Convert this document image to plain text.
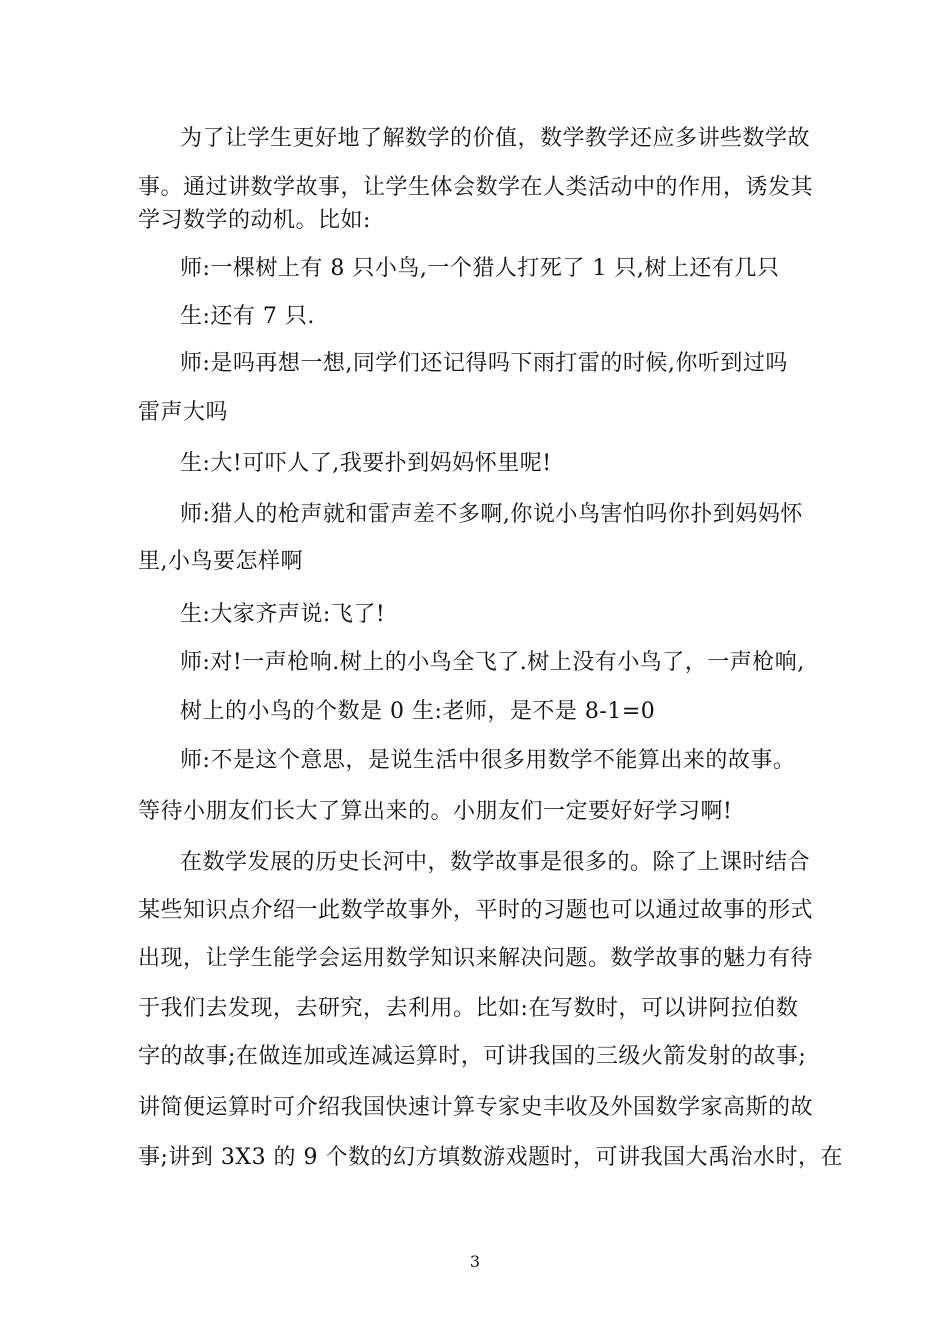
为了让学生更好地了解数学的价值，数学教学还应多讲些数学故
事。通过讲数学故事，让学生体会数学在人类活动中的作用，诱发其
学习数学的动机。比如:
师:一棵树上有 8 只小鸟,一个猎人打死了 1 只,树上还有几只
生:还有 7 只.
师:是吗再想一想,同学们还记得吗下雨打雷的时候,你听到过吗
雷声大吗
生:大!可吓人了,我要扑到妈妈怀里呢!
师:猎人的枪声就和雷声差不多啊,你说小鸟害怕吗你扑到妈妈怀
里,小鸟要怎样啊
生:大家齐声说:飞了!
师:对!一声枪响.树上的小鸟全飞了.树上没有小鸟了，一声枪响,
树上的小鸟的个数是 0 生:老师，是不是 8-1=0
师:不是这个意思，是说生活中很多用数学不能算出来的故事。
等待小朋友们长大了算出来的。小朋友们一定要好好学习啊!
在数学发展的历史长河中，数学故事是很多的。除了上课时结合
某些知识点介绍一此数学故事外，平时的习题也可以通过故事的形式
出现，让学生能学会运用数学知识来解决问题。数学故事的魅力有待
于我们去发现，去研究，去利用。比如:在写数时，可以讲阿拉伯数
字的故事;在做连加或连减运算时，可讲我国的三级火箭发射的故事;
讲简便运算时可介绍我国快速计算专家史丰收及外国数学家高斯的故
事;讲到 3X3 的 9 个数的幻方填数游戏题时，可讲我国大禹治水时，在
3
